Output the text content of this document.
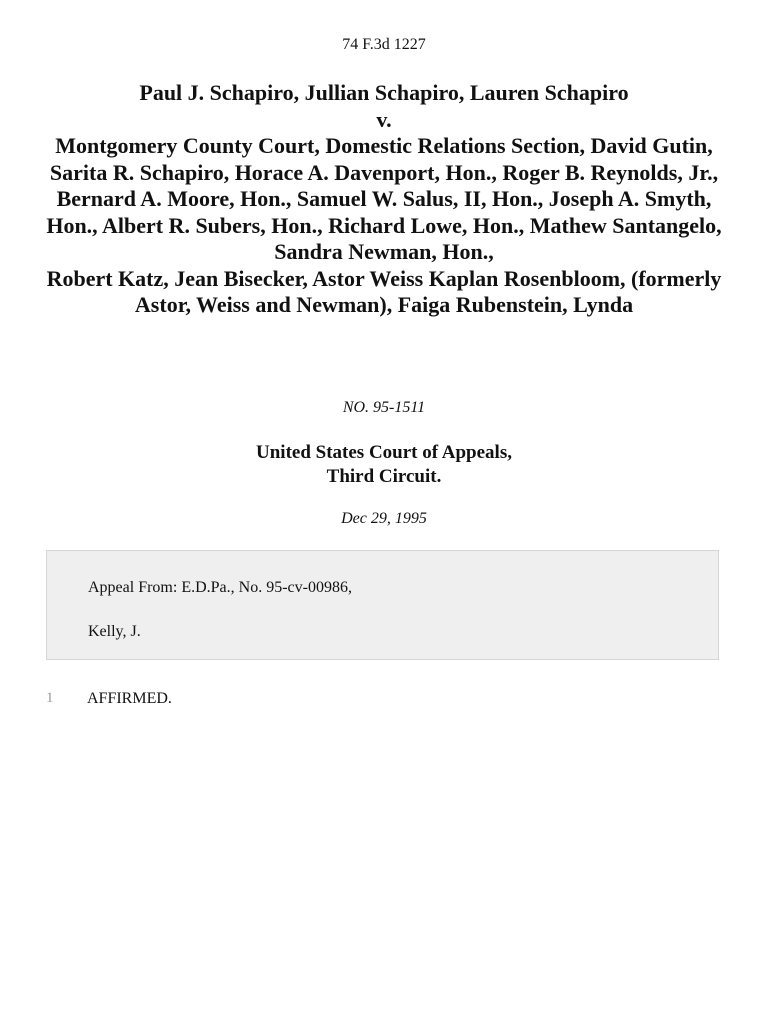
74 F.3d 1227
Paul J. Schapiro, Jullian Schapiro, Lauren Schapiro
v.
Montgomery County Court, Domestic Relations Section, David Gutin, Sarita R. Schapiro, Horace A. Davenport, Hon., Roger B. Reynolds, Jr., Bernard A. Moore, Hon., Samuel W. Salus, II, Hon., Joseph A. Smyth, Hon., Albert R. Subers, Hon., Richard Lowe, Hon., Mathew Santangelo, Sandra Newman, Hon.,
Robert Katz, Jean Bisecker, Astor Weiss Kaplan Rosenbloom, (formerly Astor, Weiss and Newman), Faiga Rubenstein, Lynda
NO. 95-1511
United States Court of Appeals,
Third Circuit.
Dec 29, 1995
Appeal From: E.D.Pa., No. 95-cv-00986,
Kelly, J.
1 AFFIRMED.
